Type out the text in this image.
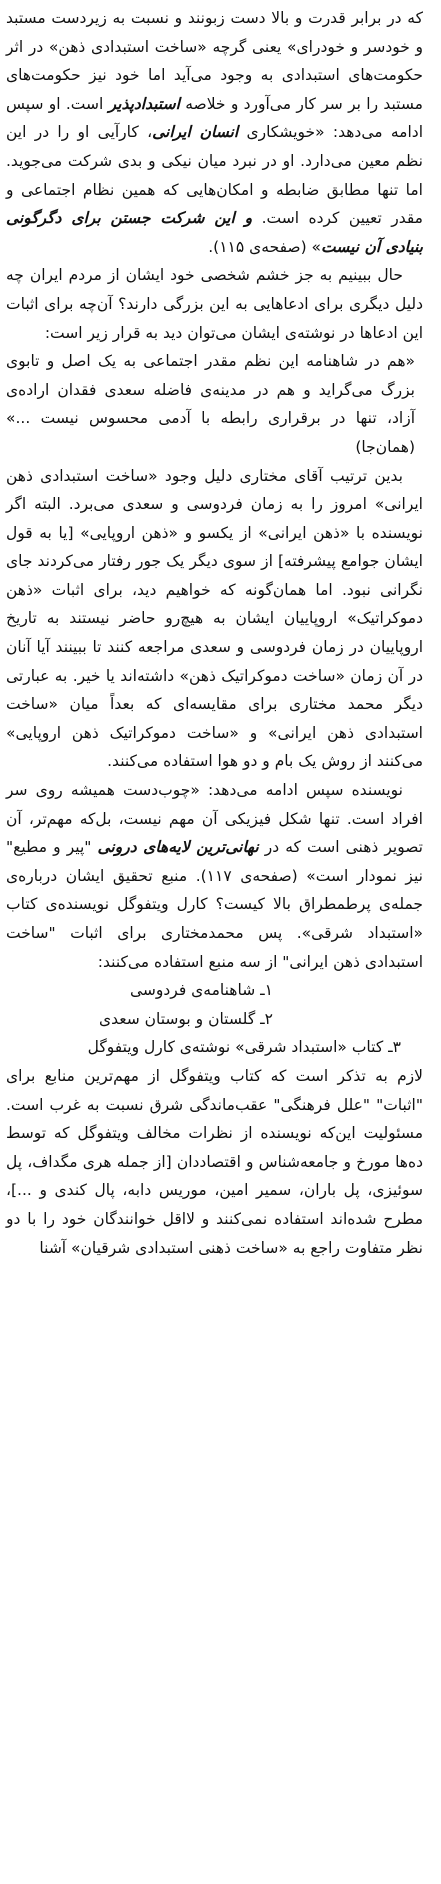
که در برابر قدرت و بالا دست زبونند و نسبت به زیردست مستبد و خودسر و خودرای» یعنی گرچه «ساخت استبدادی ذهن» در اثر حکومت‌های استبدادی به وجود می‌آید اما خود نیز حکومت‌های مستبد را بر سر کار می‌آورد و خلاصه استبدادپذیر است. او سپس ادامه می‌دهد: «خویشکاری انسان ایرانی، کارآیی او را در این نظم معین می‌دارد. او در نبرد میان نیکی و بدی شرکت می‌جوید. اما تنها مطابق ضابطه و امکان‌هایی که همین نظام اجتماعی و مقدر تعیین کرده است. و این شرکت جستن برای دگرگونی بنیادی آن نیست» (صفحه‌ی ۱۱۵).

حال ببینیم به جز خشم شخصی خود ایشان از مردم ایران چه دلیل دیگری برای ادعاهایی به این بزرگی دارند؟ آن‌چه برای اثبات این ادعاها در نوشته‌ی ایشان می‌توان دید به قرار زیر است:

«هم در شاهنامه این نظم مقدر اجتماعی به یک اصل و تابوی بزرگ می‌گراید و هم در مدینه‌ی فاضله سعدی فقدان اراده‌ی آزاد، تنها در برقراری رابطه با آدمی محسوس نیست ...» (همان‌جا)

بدین ترتیب آقای مختاری دلیل وجود «ساخت استبدادی ذهن ایرانی» امروز را به زمان فردوسی و سعدی می‌برد. البته اگر نویسنده با «ذهن ایرانی» از یکسو و «ذهن اروپایی» [یا به قول ایشان جوامع پیشرفته] از سوی دیگر یک جور رفتار می‌کردند جای نگرانی نبود. اما همان‌گونه که خواهیم دید، برای اثبات «ذهن دموکراتیک» اروپاییان ایشان به هیچ‌رو حاضر نیستند به تاریخ اروپاییان در زمان فردوسی و سعدی مراجعه کنند تا ببینند آیا آنان در آن زمان «ساخت دموکراتیک ذهن» داشته‌اند یا خیر. به عبارتی دیگر محمد مختاری برای مقایسه‌ای که بعداً میان «ساخت استبدادی ذهن ایرانی» و «ساخت دموکراتیک ذهن اروپایی» می‌کنند از روش یک بام و دو هوا استفاده می‌کنند.

نویسنده سپس ادامه می‌دهد: «چوب‌دست همیشه روی سر افراد است. تنها شکل فیزیکی آن مهم نیست، بل‌که مهم‌تر، آن تصویر ذهنی است که در نهانی‌ترین لایه‌های درونی "پیر و مطیع" نیز نمودار است» (صفحه‌ی ۱۱۷). منبع تحقیق ایشان درباره‌ی جمله‌ی پرطمطراق بالا کیست؟ کارل ویتفوگل نویسنده‌ی کتاب «استبداد شرقی». پس محمدمختاری برای اثبات "ساخت استبدادی ذهن ایرانی" از سه منبع استفاده می‌کنند:

۱ـ شاهنامه‌ی فردوسی

۲ـ گلستان و بوستان سعدی

۳ـ کتاب «استبداد شرقی» نوشته‌ی کارل ویتفوگل

لازم به تذکر است که کتاب ویتفوگل از مهم‌ترین منابع برای "اثبات" "علل فرهنگی" عقب‌ماندگی شرق نسبت به غرب است. مسئولیت این‌که نویسنده از نظرات مخالف ویتفوگل که توسط ده‌ها مورخ و جامعه‌شناس و اقتصاددان [از جمله هری مگداف، پل سوئیزی، پل باران، سمیر امین، موریس دابه، پال کندی و ...]، مطرح شده‌اند استفاده نمی‌کنند و لااقل خوانندگان خود را با دو نظر متفاوت راجع به «ساخت ذهنی استبدادی شرقیان» آشنا
